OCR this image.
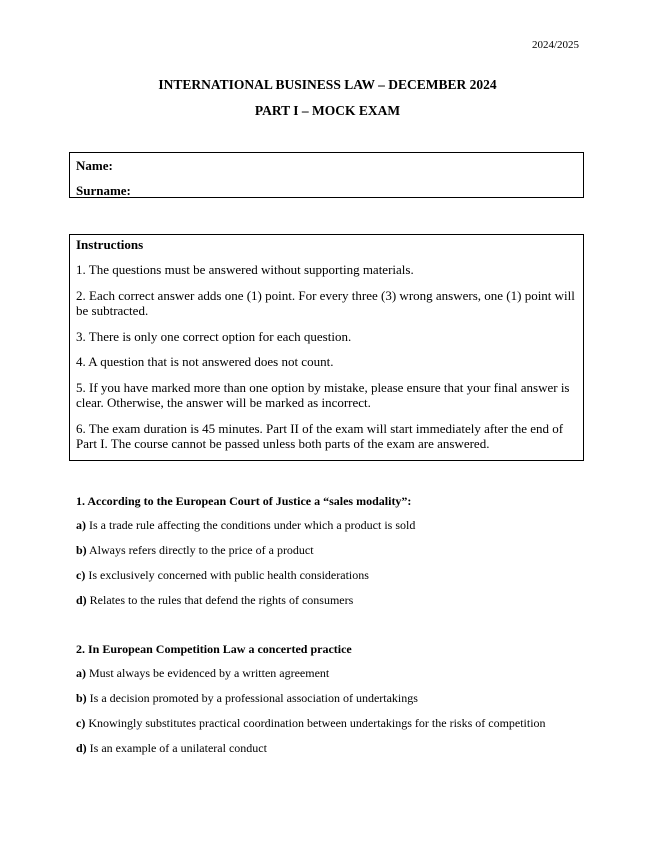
2024/2025
INTERNATIONAL BUSINESS LAW – DECEMBER 2024
PART I – MOCK EXAM
Name:
Surname:
Instructions
1. The questions must be answered without supporting materials.
2. Each correct answer adds one (1) point. For every three (3) wrong answers, one (1) point will be subtracted.
3. There is only one correct option for each question.
4. A question that is not answered does not count.
5. If you have marked more than one option by mistake, please ensure that your final answer is clear. Otherwise, the answer will be marked as incorrect.
6. The exam duration is 45 minutes. Part II of the exam will start immediately after the end of Part I. The course cannot be passed unless both parts of the exam are answered.
1. According to the European Court of Justice a “sales modality”:
a) Is a trade rule affecting the conditions under which a product is sold
b) Always refers directly to the price of a product
c) Is exclusively concerned with public health considerations
d) Relates to the rules that defend the rights of consumers
2. In European Competition Law a concerted practice
a) Must always be evidenced by a written agreement
b) Is a decision promoted by a professional association of undertakings
c) Knowingly substitutes practical coordination between undertakings for the risks of competition
d) Is an example of a unilateral conduct
